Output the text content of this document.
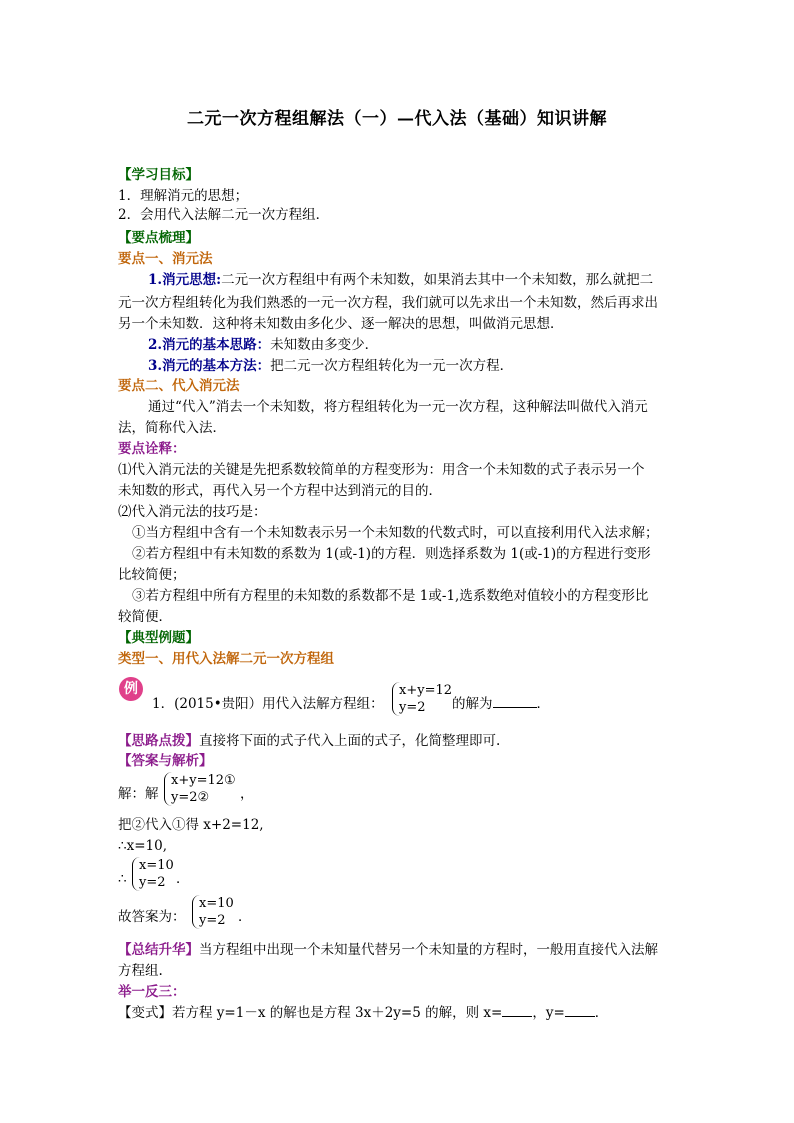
二元一次方程组解法（一）—代入法（基础）知识讲解
【学习目标】
1．理解消元的思想；
2．会用代入法解二元一次方程组．
【要点梳理】
要点一、消元法
1.消元思想:二元一次方程组中有两个未知数，如果消去其中一个未知数，那么就把二
元一次方程组转化为我们熟悉的一元一次方程，我们就可以先求出一个未知数，然后再求出
另一个未知数．这种将未知数由多化少、逐一解决的思想，叫做消元思想．
2.消元的基本思路：未知数由多变少．
3.消元的基本方法：把二元一次方程组转化为一元一次方程．
要点二、代入消元法
通过“代入”消去一个未知数，将方程组转化为一元一次方程，这种解法叫做代入消元
法，简称代入法．
要点诠释：
⑴代入消元法的关键是先把系数较简单的方程变形为：用含一个未知数的式子表示另一个
未知数的形式，再代入另一个方程中达到消元的目的．
⑵代入消元法的技巧是：
①当方程组中含有一个未知数表示另一个未知数的代数式时，可以直接利用代入法求解；
②若方程组中有未知数的系数为 1(或-1)的方程．则选择系数为 1(或-1)的方程进行变形
比较简便；
③若方程组中所有方程里的未知数的系数都不是 1或-1,选系数绝对值较小的方程变形比
较简便．
【典型例题】
类型一、用代入法解二元一次方程组
例
1．(2015•贵阳）用代入法解方程组：
x+y=12
y=2	的解为	．
【思路点拨】直接将下面的式子代入上面的式子，化简整理即可.
【答案与解析】
解：解
x+y=12①
y=2②	，
把②代入①得 x+2=12,
∴x=10,
∴
x=10
y=2 ．
故答案为：
x=10
y=2 ．
【总结升华】当方程组中出现一个未知量代替另一个未知量的方程时，一般用直接代入法解
方程组.
举一反三：
【变式】若方程 y=1－x 的解也是方程 3x＋2y=5 的解，则 x= ，y= ．
